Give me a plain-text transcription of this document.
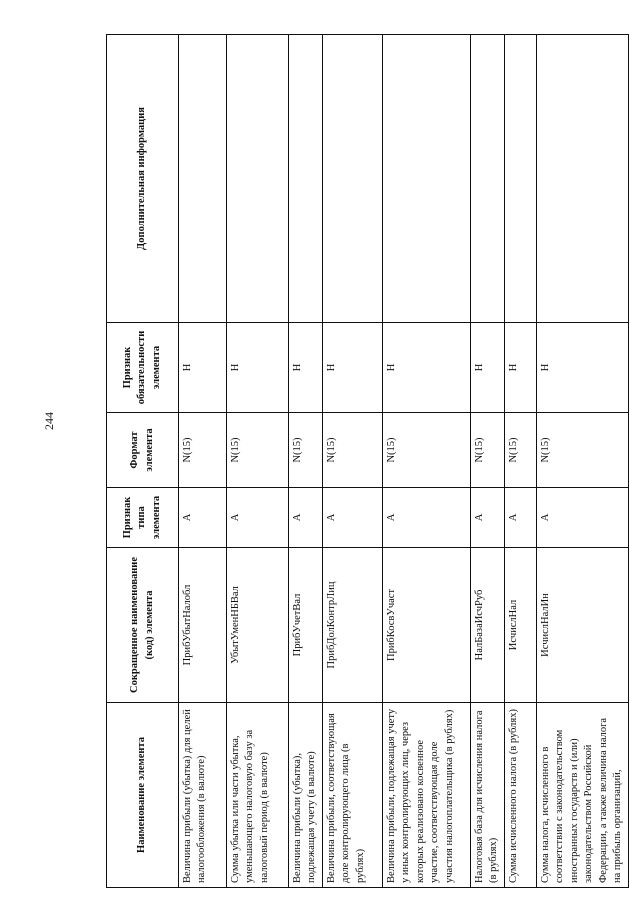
244
Наименование элемента	Сокращенное наименование (код) элемента	Признак типа элемента	Формат элемента	Признак обязательности элемента	Дополнительная информация
Величина прибыли (убытка) для целей налогообложения (в валюте)	ПрибУбытНалобл	А	N(15)	Н	
Сумма убытка или части убытка, уменьшающего налоговую базу за налоговый период (в валюте)	УбытУменНБВал	А	N(15)	Н	
Величина прибыли (убытка), подлежащая учету (в валюте)	ПрибУчетВал	А	N(15)	Н	
Величина прибыли, соответствующая доле контролирующего лица (в рублях)	ПрибДолКонтрЛиц	А	N(15)	Н	
Величина прибыли, подлежащая учету у иных контролирующих лиц, через которых реализовано косвенное участие, соответствующая доле участия налогоплательщика (в рублях)	ПрибКосвУчаст	А	N(15)	Н	
Налоговая база для исчисления налога (в рублях)	НалБазаИсчРуб	А	N(15)	Н	
Сумма исчисленного налога (в рублях)	ИсчислНал	А	N(15)	Н	
Сумма налога, исчисленного в соответствии с законодательством иностранных государств и (или) законодательством Российской Федерации, а также величина налога на прибыль организаций,	ИсчислНалИн	А	N(15)	Н	
